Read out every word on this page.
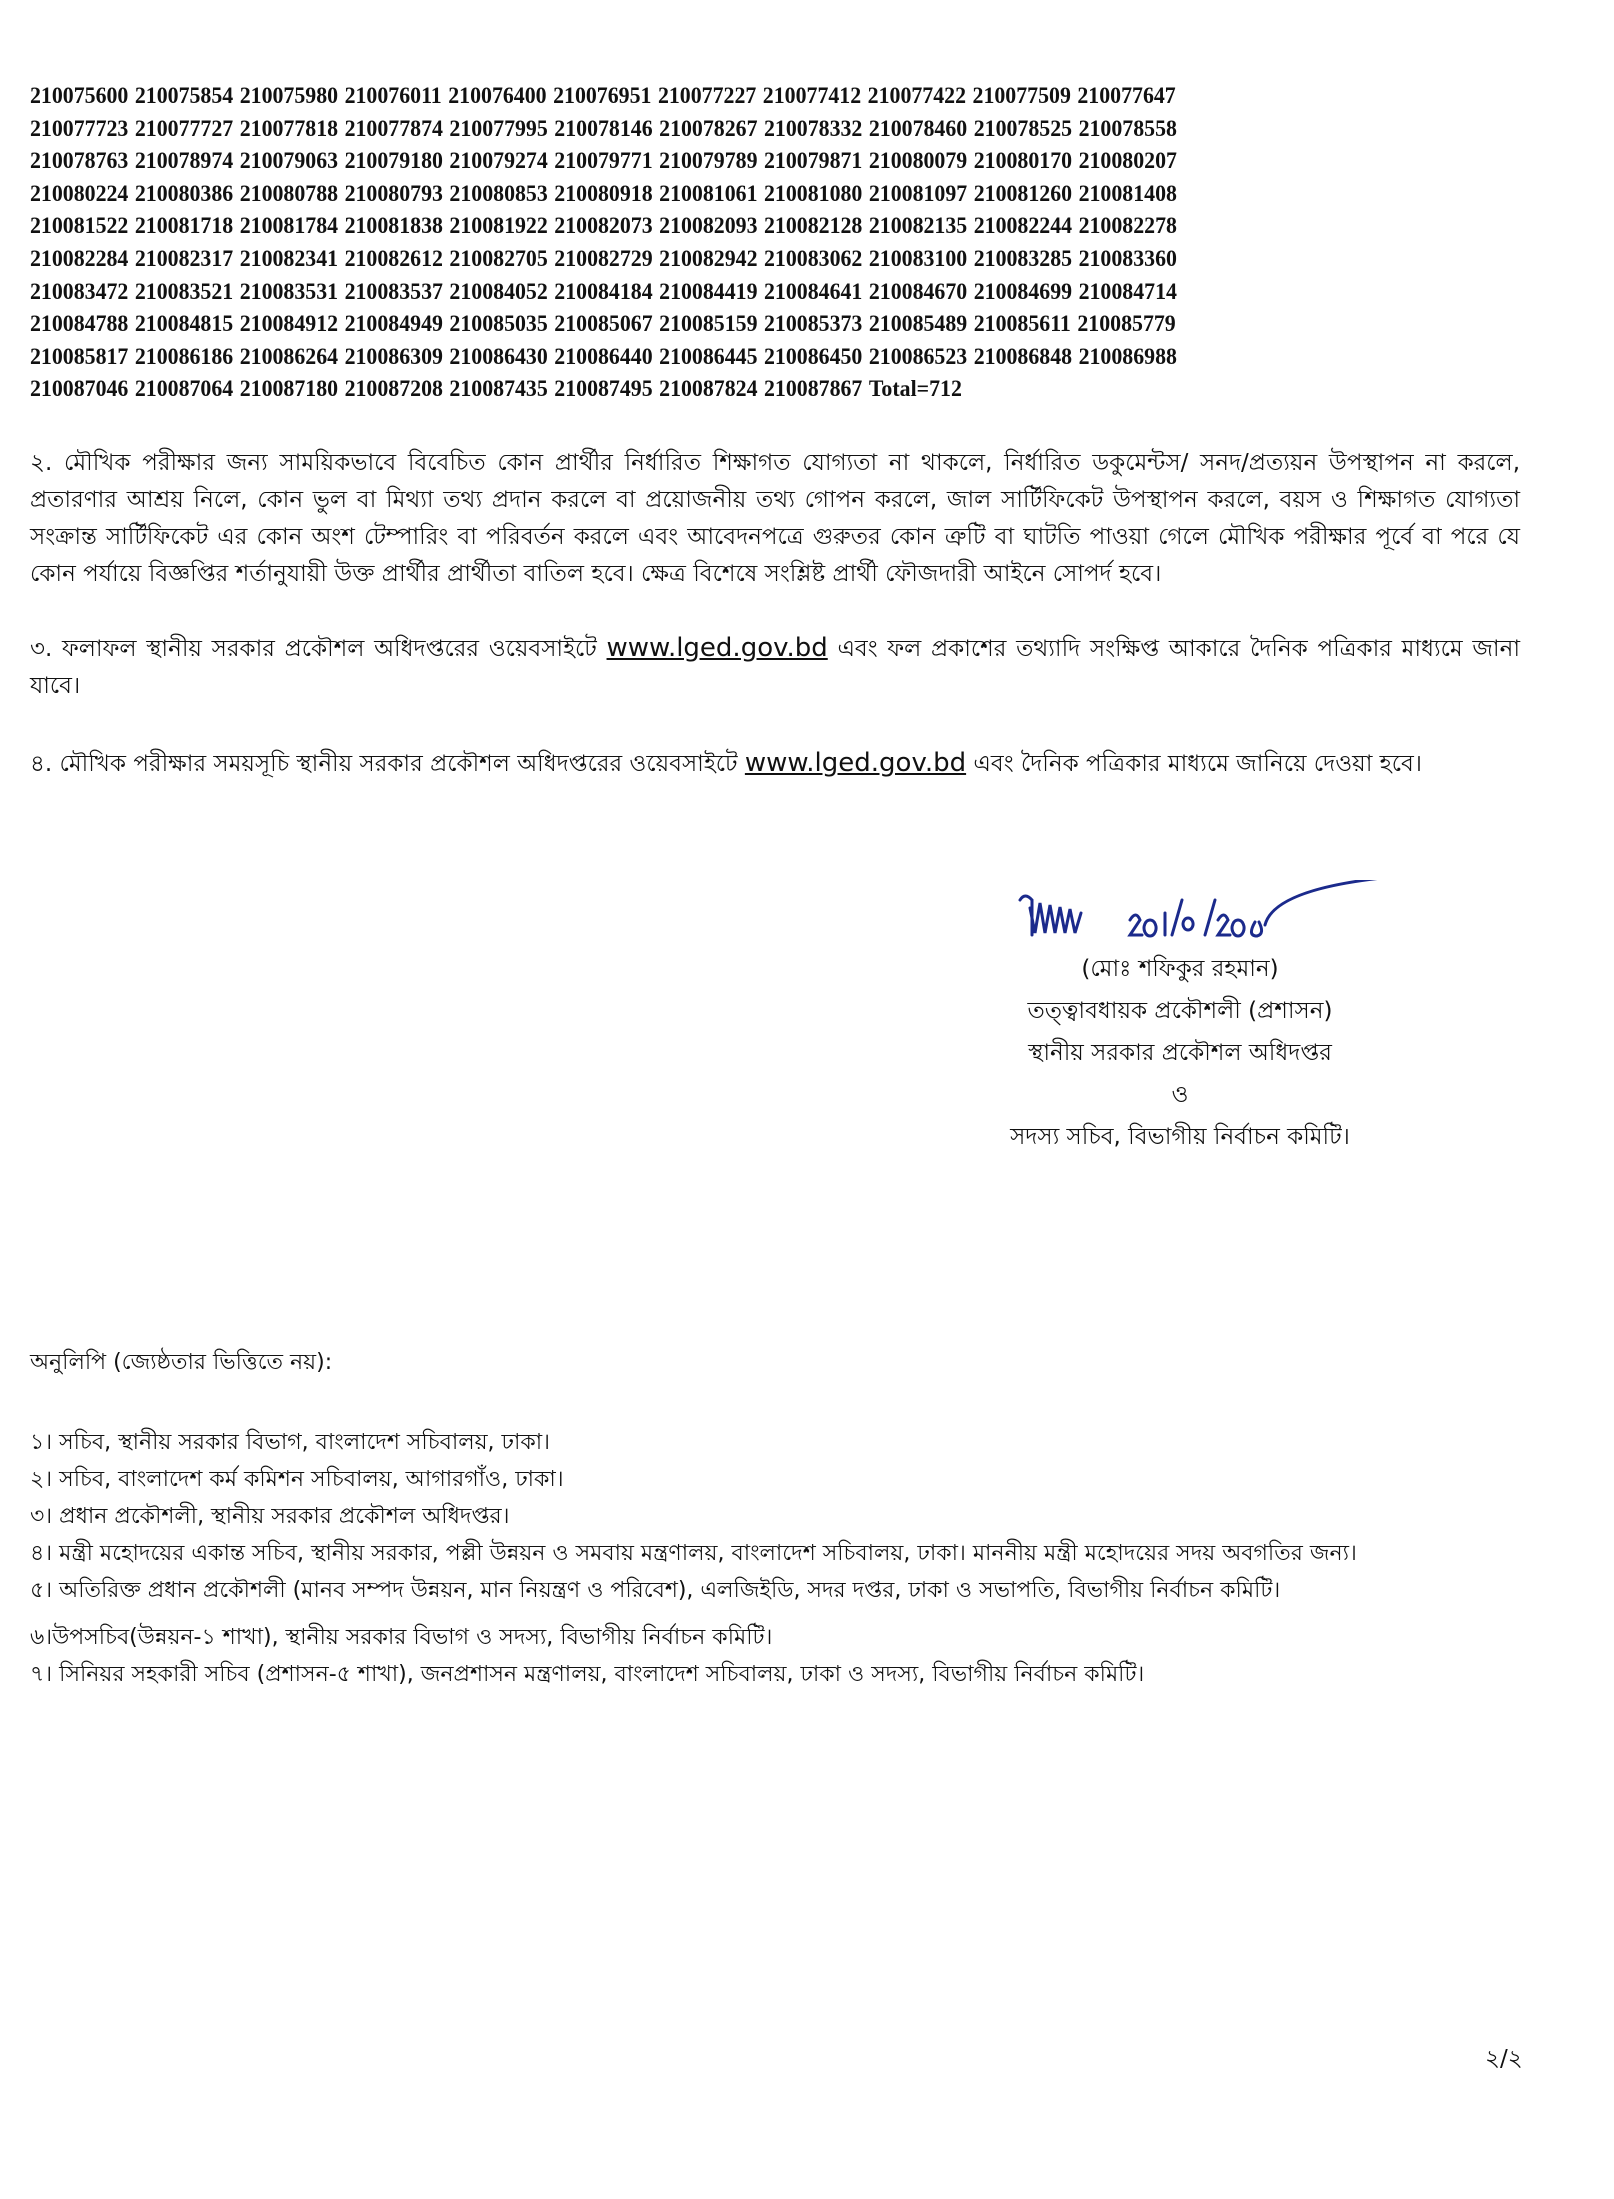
210075600 210075854 210075980 210076011 210076400 210076951 210077227 210077412 210077422 210077509 210077647
210077723 210077727 210077818 210077874 210077995 210078146 210078267 210078332 210078460 210078525 210078558
210078763 210078974 210079063 210079180 210079274 210079771 210079789 210079871 210080079 210080170 210080207
210080224 210080386 210080788 210080793 210080853 210080918 210081061 210081080 210081097 210081260 210081408
210081522 210081718 210081784 210081838 210081922 210082073 210082093 210082128 210082135 210082244 210082278
210082284 210082317 210082341 210082612 210082705 210082729 210082942 210083062 210083100 210083285 210083360
210083472 210083521 210083531 210083537 210084052 210084184 210084419 210084641 210084670 210084699 210084714
210084788 210084815 210084912 210084949 210085035 210085067 210085159 210085373 210085489 210085611 210085779
210085817 210086186 210086264 210086309 210086430 210086440 210086445 210086450 210086523 210086848 210086988
210087046 210087064 210087180 210087208 210087435 210087495 210087824 210087867 Total=712
২. মৌখিক পরীক্ষার জন্য সাময়িকভাবে বিবেচিত কোন প্রার্থীর নির্ধারিত শিক্ষাগত যোগ্যতা না থাকলে, নির্ধারিত ডকুমেন্টস/ সনদ/প্রত্যয়ন উপস্থাপন না করলে, প্রতারণার আশ্রয় নিলে, কোন ভুল বা মিথ্যা তথ্য প্রদান করলে বা প্রয়োজনীয় তথ্য গোপন করলে, জাল সার্টিফিকেট উপস্থাপন করলে, বয়স ও শিক্ষাগত যোগ্যতা সংক্রান্ত সার্টিফিকেট এর কোন অংশ টেম্পারিং বা পরিবর্তন করলে এবং আবেদনপত্রে গুরুতর কোন ত্রুটি বা ঘাটতি পাওয়া গেলে মৌখিক পরীক্ষার পূর্বে বা পরে যে কোন পর্যায়ে বিজ্ঞপ্তির শর্তানুযায়ী উক্ত প্রার্থীর প্রার্থীতা বাতিল হবে। ক্ষেত্র বিশেষে সংশ্লিষ্ট প্রার্থী ফৌজদারী আইনে সোপর্দ হবে।
৩. ফলাফল স্থানীয় সরকার প্রকৌশল অধিদপ্তরের ওয়েবসাইটে www.lged.gov.bd এবং ফল প্রকাশের তথ্যাদি সংক্ষিপ্ত আকারে দৈনিক পত্রিকার মাধ্যমে জানা যাবে।
৪. মৌখিক পরীক্ষার সময়সূচি স্থানীয় সরকার প্রকৌশল অধিদপ্তরের ওয়েবসাইটে www.lged.gov.bd এবং দৈনিক পত্রিকার মাধ্যমে জানিয়ে দেওয়া হবে।
(মোঃ শফিকুর রহমান)
তত্ত্বাবধায়ক প্রকৌশলী (প্রশাসন)
স্থানীয় সরকার প্রকৌশল অধিদপ্তর
ও
সদস্য সচিব, বিভাগীয় নির্বাচন কমিটি।
অনুলিপি (জ্যেষ্ঠতার ভিত্তিতে নয়):
১। সচিব, স্থানীয় সরকার বিভাগ, বাংলাদেশ সচিবালয়, ঢাকা।
২। সচিব, বাংলাদেশ কর্ম কমিশন সচিবালয়, আগারগাঁও, ঢাকা।
৩। প্রধান প্রকৌশলী, স্থানীয় সরকার প্রকৌশল অধিদপ্তর।
৪। মন্ত্রী মহোদয়ের একান্ত সচিব, স্থানীয় সরকার, পল্লী উন্নয়ন ও সমবায় মন্ত্রণালয়, বাংলাদেশ সচিবালয়, ঢাকা। মাননীয় মন্ত্রী মহোদয়ের সদয় অবগতির জন্য।
৫। অতিরিক্ত প্রধান প্রকৌশলী (মানব সম্পদ উন্নয়ন, মান নিয়ন্ত্রণ ও পরিবেশ), এলজিইডি, সদর দপ্তর, ঢাকা ও সভাপতি, বিভাগীয় নির্বাচন কমিটি।
৬।উপসচিব(উন্নয়ন-১ শাখা), স্থানীয় সরকার বিভাগ ও সদস্য, বিভাগীয় নির্বাচন কমিটি।
৭। সিনিয়র সহকারী সচিব (প্রশাসন-৫ শাখা), জনপ্রশাসন মন্ত্রণালয়, বাংলাদেশ সচিবালয়, ঢাকা ও সদস্য, বিভাগীয় নির্বাচন কমিটি।
২/২
